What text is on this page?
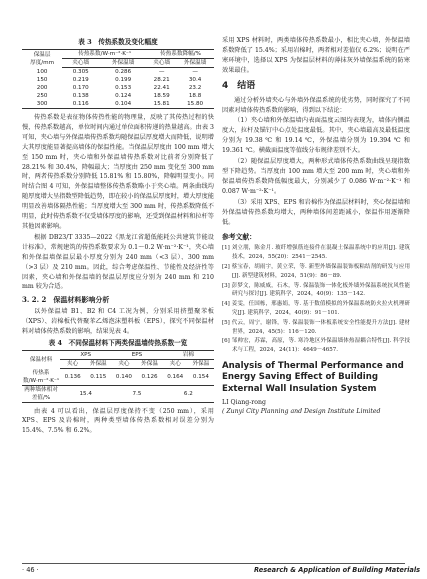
表 3　传热系数及变化幅度
保温层
厚度/mm	传热系数/W·m⁻²·K⁻¹		传热系数降幅/%	
	夹心墙	外保温墙	夹心墙	外保温墙
100	0.305	0.286	—	—
150	0.219	0.199	28.21	30.4
200	0.170	0.153	22.41	23.2
250	0.138	0.124	18.59	18.8
300	0.116	0.104	15.81	15.80

传热系数是表征物体传热性能的物理量，反映了其传热过程的快慢，传热系数越高，单位时间内通过单位面积传递的热量越高。由表 3 可知，夹心墙与外保温墙传热系数均随保温层厚度增大而降低，说明增大其厚度能显著提高墙体的保温性能。当保温层厚度由 100 mm 增大至 150 mm 时，夹心墙和外保温墙传热系数对比前者分别降低了 28.21% 和 30.4%，降幅最大；当厚度由 250 mm 变化至 300 mm 时，两者传热系数分别降低 15.81% 和 15.80%，降幅明显变小。同时结合图 4 可知，外保温墙整体传热系数略小于夹心墙。两条曲线均随厚度增大呈指数型降低趋势，即在较小的保温层厚度时，增大厚度能明显改善墙体隔热性能；当厚度增大至 300 mm 时，传热系数降低不明显，此时传热系数不仅受墙体厚度的影响，还受到保温材料和拉杆等其他因素影响。

根据 DB23/T 3335—2022《黑龙江省超低能耗公共建筑节能设计标准》，常规建筑的传热系数要求为 0.1～0.2 W·m⁻²·K⁻¹，夹心墙和外保温墙保温层最小厚度分别为 240 mm（<3 层）、300 mm（>3 层）及 210 mm。因此，综合考虑保温性、节能性及经济性等因素，夹心墙和外保温墙的保温层厚度应分别为 240 mm 和 210 mm 较为合适。

3. 2. 2　保温材料影响分析

以外保温墙 B1、B2 和 C4 工况为例，分别采用挤塑聚苯板（XPS）、岩棉板代替聚苯乙烯泡沫塑料板（EPS），探究不同保温材料对墙体传热系数的影响，结果见表 4。

表 4　不同保温材料下两类保温墙传热系数一览
保温材料	XPS		EPS		岩棉	
	夹心	外保温	夹心	外保温	夹心	外保温
传热系数/W·m⁻²·K⁻¹	0.136	0.115	0.140	0.126	0.164	0.154
两种墙体相对差值/%	15.4		7.5		6.2	

由表 4 可以看出，保温层厚度保持不变（250 mm），采用 XPS、EPS 及岩棉时，两种类型墙体传热系数相对误差分别为 15.4%、7.5% 和 6.2%。

采用 XPS 材料时，两类墙体传热系数最小，相比夹心墙，外保温墙系数降低了 15.4%；采用岩棉时，两者相对差值仅 6.2%；说明在严寒环境中，选择以 XPS 为保温层材料的薄抹灰外墙保温系统的防寒效果最佳。

4　结语

通过分析外墙夹心与外墙外保温系统的优劣势，同时探究了不同因素对墙体传热系数的影响，得到以下结论：

（1）夹心墙和外保温墙内表面温度云图均表现为，墙体内侧温度大，拉杆及锚钉中心点处温度最低。其中，夹心墙最高及最低温度分别为 19.38 ℃ 和 19.14 ℃，外保温墙分别为 19.394 ℃ 和 19.361 ℃。横截面温度等值线分布规律差别不大。

（2）随保温层厚度增大，两种形式墙体传热系数曲线呈现指数型下降趋势。当厚度由 100 mm 增大至 200 mm 时，夹心墙和外保温墙传热系数降低幅度最大，分别减少了 0.086 W·m⁻²·K⁻¹ 和 0.087 W·m⁻²·K⁻¹。

（3）采用 XPS、EPS 和岩棉作为保温层材料时，夹心保温墙和外保温墙传热系数均增大，两种墙体间差距减小，保温作用逐渐降低。

参考文献：

[1] 刘立朋，陈金月. 玻纤增强筋连接件在混凝土保温系统中的应用[J]. 建筑技术，2024，55(20)：2541－2545.

[2] 蔡宝春，胡雨宇，黄立荣，等. 新型外墙保温装饰板粘结剂的研发与应用[J]. 新型建筑材料，2024，51(9)：86－89.

[3] 彭梦文，陈威威，石木，等. 保温装饰一体化板外墙外保温系统抗风性能研究与探讨[J]. 建筑科学，2024，40(9)：135－142.

[4] 姜雯，任国栋，邢惠娟，等. 基于数值模拟的外保温系统防火拉火机理研究[J]. 建筑科学，2024，40(9)：91－101.

[5] 代云，周宁，谢锋，等. 保温装饰一体板系统安全性能提升方法[J]. 建材世界，2024，45(5)：116－120.

[6] 邹帅宏，苏霖，高原，等. 寒冷地区外保温墙体热湿耦合特性[J]. 科学技术与工程，2024，24(11)：4649－4657.

Analysis of Thermal Performance and Energy Saving Effect of Building External Wall Insulation System

LI Qiang-rong

( Zunyi City Planning and Design Institute Limited

· 46 ·	Research & Application of Building Materials
